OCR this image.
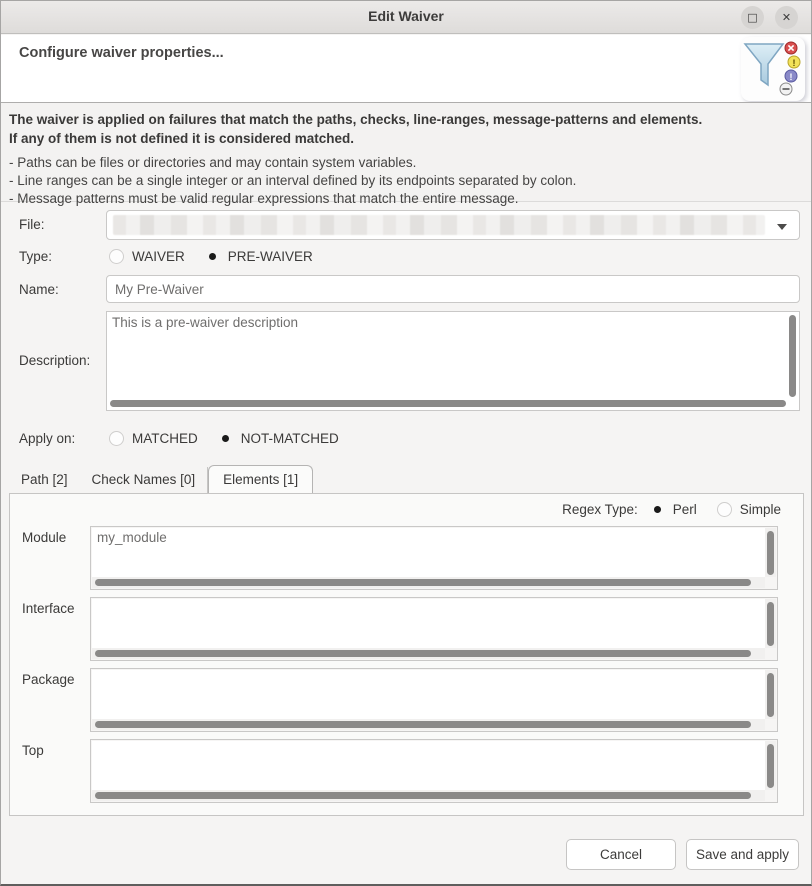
Edit Waiver	□	✕
Configure waiver properties...
!
!
The waiver is applied on failures that match the paths, checks, line-ranges, message-patterns and elements.
If any of them is not defined it is considered matched.
- Paths can be files or directories and may contain system variables.
- Line ranges can be a single integer or an interval defined by its endpoints separated by colon.
- Message patterns must be valid regular expressions that match the entire message.
File:
Type:	WAIVER	PRE-WAIVER
Name:
My Pre-Waiver
Description:
This is a pre-waiver description
Apply on:	MATCHED	NOT-MATCHED
Path [2]	Check Names [0]	Elements [1]
Regex Type:	Perl	Simple
Module my_module
Interface
Package
Top
Cancel	Save and apply
